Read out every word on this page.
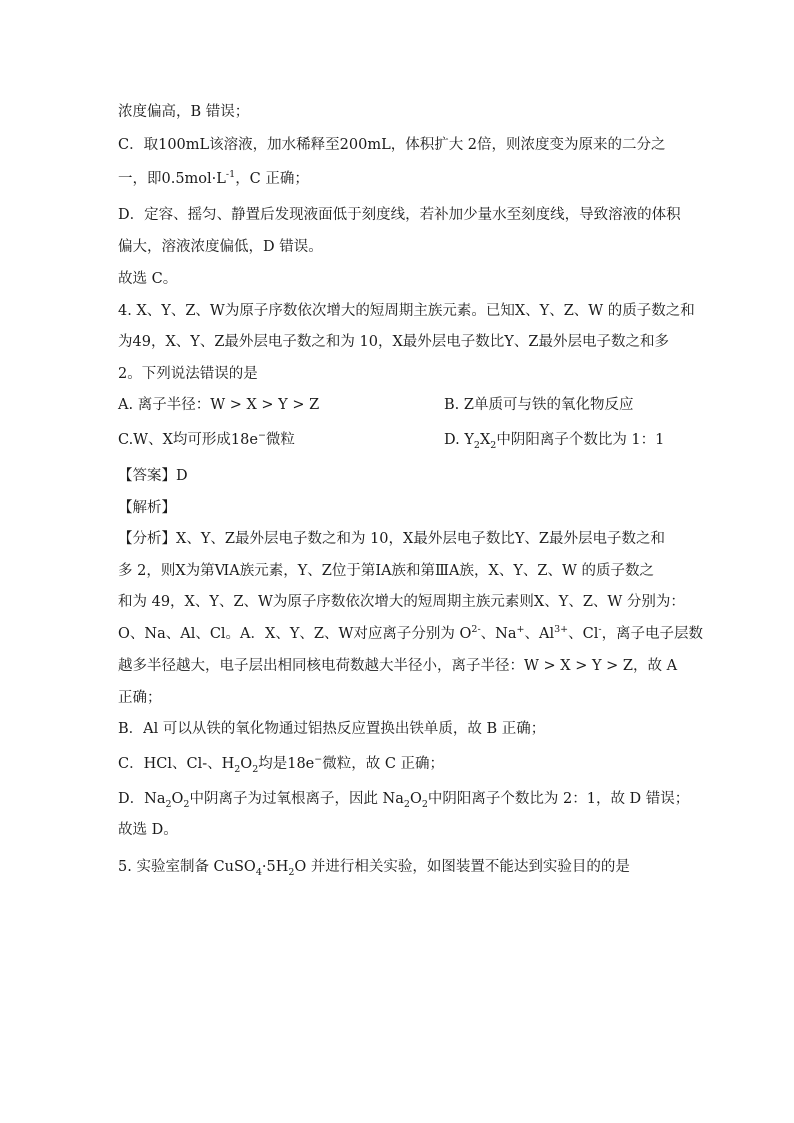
浓度偏高，B 错误；
C．取100mL该溶液，加水稀释至200mL，体积扩大 2倍，则浓度变为原来的二分之
一，即$0.5mol\cdot L^{-1}$，C 正确；
D．定容、摇匀、静置后发现液面低于刻度线，若补加少量水至刻度线，导致溶液的体积
偏大，溶液浓度偏低，D 错误。
故选 C。
4. X、Y、Z、W为原子序数依次增大的短周期主族元素。已知X、Y、Z、W 的质子数之和
为49，X、Y、Z最外层电子数之和为 10，X最外层电子数比Y、Z最外层电子数之和多
2。下列说法错误的是
A. 离子半径：W > X > Y > Z	B. Z单质可与铁的氧化物反应
C.W、X均可形成18e−微粒	D. $Y_2X_2$中阴阳离子个数比为 1：1
【答案】D
【解析】
【分析】X、Y、Z最外层电子数之和为 10，X最外层电子数比Y、Z最外层电子数之和
多 2，则X为第ⅥA族元素，Y、Z位于第ⅠA族和第ⅢA族，X、Y、Z、W 的质子数之
和为 49，X、Y、Z、W为原子序数依次增大的短周期主族元素则X、Y、Z、W 分别为：
O、Na、Al、Cl。A．X、Y、Z、W对应离子分别为 $O^{2-}$、Na+、$Al^{3+}$、Cl-，离子电子层数
越多半径越大，电子层出相同核电荷数越大半径小，离子半径：W > X > Y > Z，故 A
正确；
B．Al 可以从铁的氧化物通过铝热反应置换出铁单质，故 B 正确；
C．HCl、Cl-、$H_2O_2$均是18e−微粒，故 C 正确；
D．$Na_2O_2$中阴离子为过氧根离子，因此 $Na_2O_2$中阴阳离子个数比为 2：1，故 D 错误；
故选 D。
5. 实验室制备 $CuSO_4\cdot 5H_2O$ 并进行相关实验，如图装置不能达到实验目的的是
